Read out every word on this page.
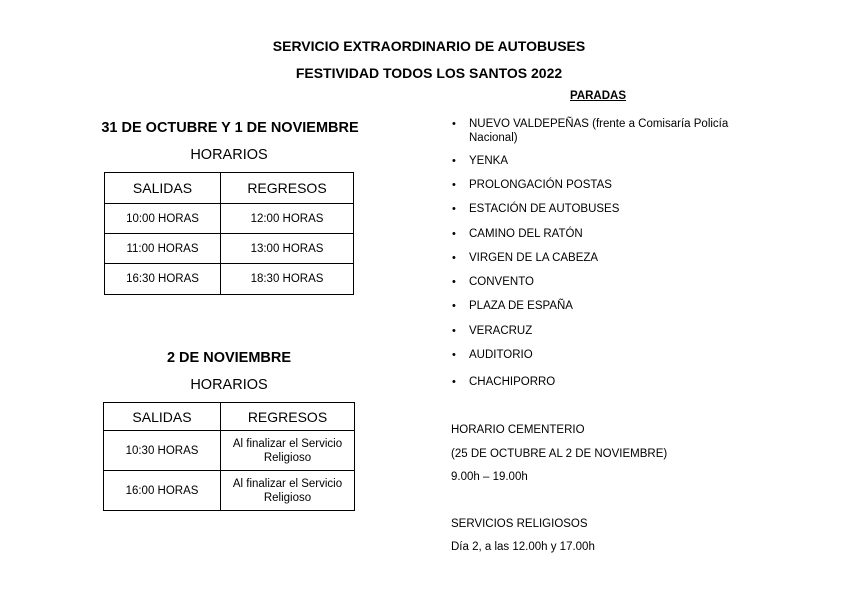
SERVICIO EXTRAORDINARIO DE AUTOBUSES
FESTIVIDAD TODOS LOS SANTOS 2022
31 DE OCTUBRE Y 1 DE NOVIEMBRE
HORARIOS
SALIDAS	REGRESOS
10:00 HORAS	12:00 HORAS
11:00 HORAS	13:00 HORAS
16:30 HORAS	18:30 HORAS
2 DE NOVIEMBRE
HORARIOS
SALIDAS	REGRESOS
10:30 HORAS	Al finalizar el Servicio Religioso
16:00 HORAS	Al finalizar el Servicio Religioso
PARADAS
• NUEVO VALDEPEÑAS (frente a Comisaría Policía Nacional)
• YENKA
• PROLONGACIÓN POSTAS
• ESTACIÓN DE AUTOBUSES
• CAMINO DEL RATÓN
• VIRGEN DE LA CABEZA
• CONVENTO
• PLAZA DE ESPAÑA
• VERACRUZ
• AUDITORIO
• CHACHIPORRO
HORARIO CEMENTERIO
(25 DE OCTUBRE AL 2 DE NOVIEMBRE)
9.00h – 19.00h
SERVICIOS RELIGIOSOS
Día 2, a las 12.00h y 17.00h
